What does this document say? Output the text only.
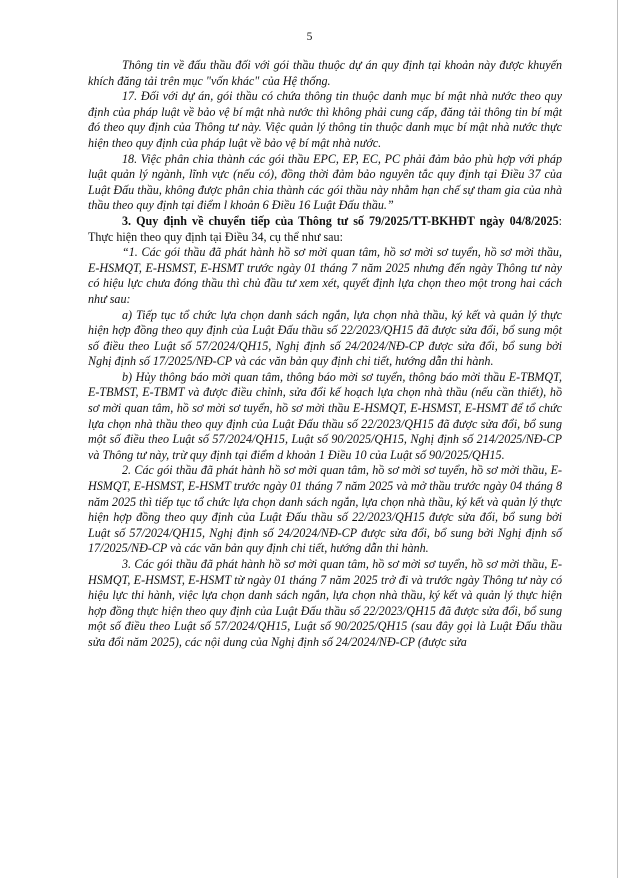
5

Thông tin về đấu thầu đối với gói thầu thuộc dự án quy định tại khoản này được khuyến khích đăng tải trên mục "vốn khác" của Hệ thống.

17. Đối với dự án, gói thầu có chứa thông tin thuộc danh mục bí mật nhà nước theo quy định của pháp luật về bảo vệ bí mật nhà nước thì không phải cung cấp, đăng tải thông tin bí mật đó theo quy định của Thông tư này. Việc quản lý thông tin thuộc danh mục bí mật nhà nước thực hiện theo quy định của pháp luật về bảo vệ bí mật nhà nước.

18. Việc phân chia thành các gói thầu EPC, EP, EC, PC phải đảm bảo phù hợp với pháp luật quản lý ngành, lĩnh vực (nếu có), đồng thời đảm bảo nguyên tắc quy định tại Điều 37 của Luật Đấu thầu, không được phân chia thành các gói thầu này nhằm hạn chế sự tham gia của nhà thầu theo quy định tại điểm l khoản 6 Điều 16 Luật Đấu thầu.”

3. Quy định về chuyển tiếp của Thông tư số 79/2025/TT-BKHĐT ngày 04/8/2025: Thực hiện theo quy định tại Điều 34, cụ thể như sau:

“1. Các gói thầu đã phát hành hồ sơ mời quan tâm, hồ sơ mời sơ tuyển, hồ sơ mời thầu, E-HSMQT, E-HSMST, E-HSMT trước ngày 01 tháng 7 năm 2025 nhưng đến ngày Thông tư này có hiệu lực chưa đóng thầu thì chủ đầu tư xem xét, quyết định lựa chọn theo một trong hai cách như sau:

a) Tiếp tục tổ chức lựa chọn danh sách ngắn, lựa chọn nhà thầu, ký kết và quản lý thực hiện hợp đồng theo quy định của Luật Đấu thầu số 22/2023/QH15 đã được sửa đổi, bổ sung một số điều theo Luật số 57/2024/QH15, Nghị định số 24/2024/NĐ-CP được sửa đổi, bổ sung bởi Nghị định số 17/2025/NĐ-CP và các văn bản quy định chi tiết, hướng dẫn thi hành.

b) Hủy thông báo mời quan tâm, thông báo mời sơ tuyển, thông báo mời thầu E-TBMQT, E-TBMST, E-TBMT và được điều chỉnh, sửa đổi kế hoạch lựa chọn nhà thầu (nếu cần thiết), hồ sơ mời quan tâm, hồ sơ mời sơ tuyển, hồ sơ mời thầu E-HSMQT, E-HSMST, E-HSMT để tổ chức lựa chọn nhà thầu theo quy định của Luật Đấu thầu số 22/2023/QH15 đã được sửa đổi, bổ sung một số điều theo Luật số 57/2024/QH15, Luật số 90/2025/QH15, Nghị định số 214/2025/NĐ-CP và Thông tư này, trừ quy định tại điểm d khoản 1 Điều 10 của Luật số 90/2025/QH15.

2. Các gói thầu đã phát hành hồ sơ mời quan tâm, hồ sơ mời sơ tuyển, hồ sơ mời thầu, E-HSMQT, E-HSMST, E-HSMT trước ngày 01 tháng 7 năm 2025 và mở thầu trước ngày 04 tháng 8 năm 2025 thì tiếp tục tổ chức lựa chọn danh sách ngắn, lựa chọn nhà thầu, ký kết và quản lý thực hiện hợp đồng theo quy định của Luật Đấu thầu số 22/2023/QH15 được sửa đổi, bổ sung bởi Luật số 57/2024/QH15, Nghị định số 24/2024/NĐ-CP được sửa đổi, bổ sung bởi Nghị định số 17/2025/NĐ-CP và các văn bản quy định chi tiết, hướng dẫn thi hành.

3. Các gói thầu đã phát hành hồ sơ mời quan tâm, hồ sơ mời sơ tuyển, hồ sơ mời thầu, E-HSMQT, E-HSMST, E-HSMT từ ngày 01 tháng 7 năm 2025 trở đi và trước ngày Thông tư này có hiệu lực thi hành, việc lựa chọn danh sách ngắn, lựa chọn nhà thầu, ký kết và quản lý thực hiện hợp đồng thực hiện theo quy định của Luật Đấu thầu số 22/2023/QH15 đã được sửa đổi, bổ sung một số điều theo Luật số 57/2024/QH15, Luật số 90/2025/QH15 (sau đây gọi là Luật Đấu thầu sửa đổi năm 2025), các nội dung của Nghị định số 24/2024/NĐ-CP (được sửa
